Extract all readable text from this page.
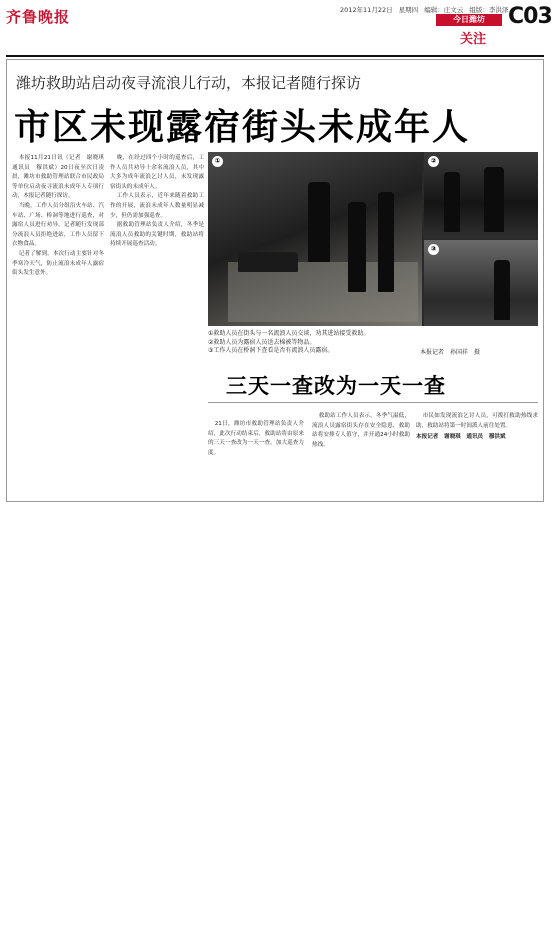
齐鲁晚报	2012年11月22日 星期四 编辑：庄文云 组版：李洪泽
今日潍坊
关注
C03
潍坊救助站启动夜寻流浪儿行动，本报记者随行探访
市区未现露宿街头未成年人

本报11月21日讯（记者　谢晓琪　通讯员　穆洪斌）20日夜至次日凌晨，潍坊市救助管理站联合市民政局等单位启动夜寻流浪未成年人专项行动，本报记者随行探访。

当晚，工作人员分组沿火车站、汽车站、广场、桥洞等地进行巡查，对露宿人员进行劝导，记者随行发现部分流浪人员拒绝进站，工作人员留下衣物食品。

记者了解到，本次行动主要针对冬季寒冷天气，防止流浪未成年人露宿街头发生意外。

晚，在经过四个小时的巡查后，工作人员共劝导十余名流浪人员，其中大多为成年流浪乞讨人员，未发现露宿街头的未成年人。

工作人员表示，近年来随着救助工作的开展，流浪未成年人数量明显减少，但仍需加强巡查。

据救助管理站负责人介绍，冬季是流浪人员救助的关键时期，救助站将持续开展巡查活动。

①	②
③
①救助人员在街头与一名流浪人员交谈，劝其进站接受救助。
②救助人员为露宿人员送去棉被等物品。
③工作人员在桥洞下查看是否有流浪人员露宿。	本报记者　孙国祥　摄
三天一查改为一天一查

21日，潍坊市救助管理站负责人介绍，此次行动结束后，救助站将由原来的三天一查改为一天一查，加大巡查力度。

救助站工作人员表示，冬季气温低，流浪人员露宿街头存在安全隐患，救助站将安排专人值守，并开通24小时救助热线。

市民如发现流浪乞讨人员，可拨打救助热线求助，救助站将第一时间派人前往处置。

本报记者　谢晓琪　通讯员　穆洪斌
